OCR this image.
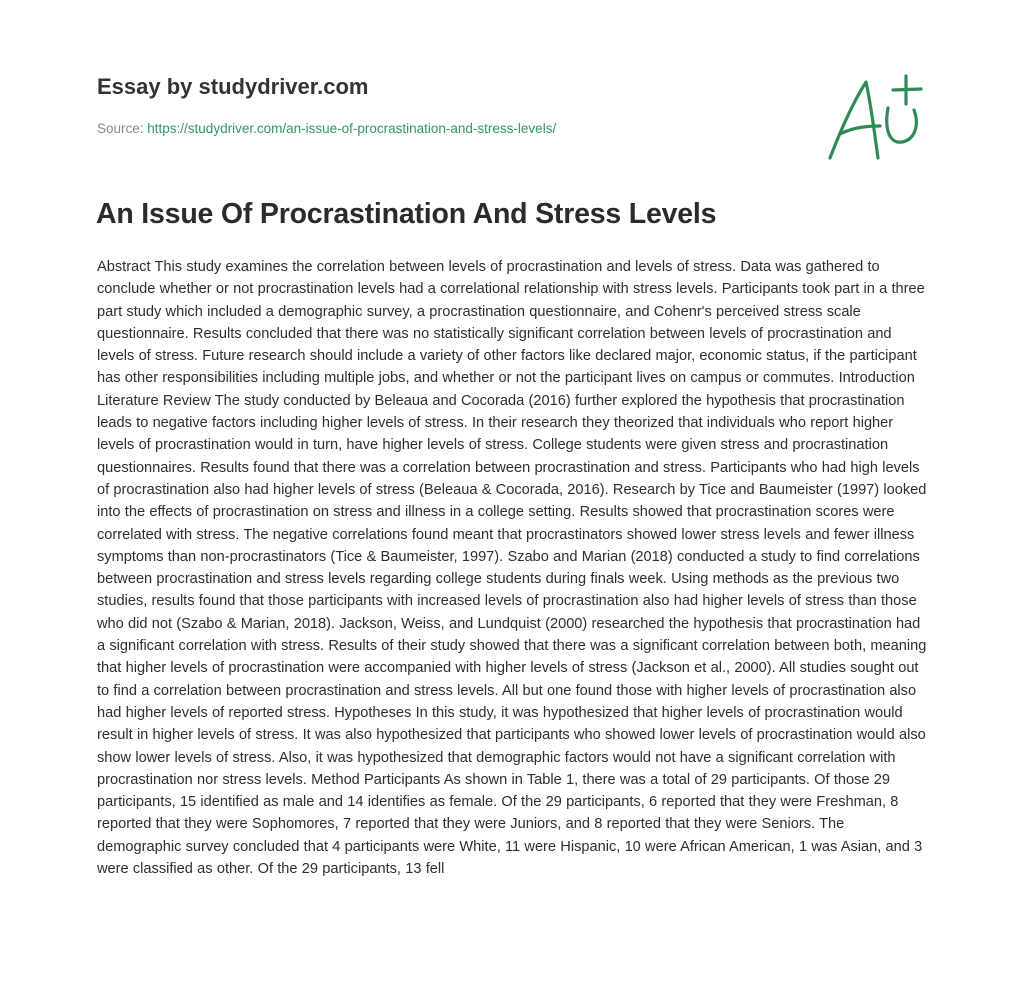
Essay by studydriver.com
Source: https://studydriver.com/an-issue-of-procrastination-and-stress-levels/
An Issue Of Procrastination And Stress Levels

Abstract This study examines the correlation between levels of procrastination and levels of stress. Data was gathered to conclude whether or not procrastination levels had a correlational relationship with stress levels. Participants took part in a three part study which included a demographic survey, a procrastination questionnaire, and Cohenr's perceived stress scale questionnaire. Results concluded that there was no statistically significant correlation between levels of procrastination and levels of stress. Future research should include a variety of other factors like declared major, economic status, if the participant has other responsibilities including multiple jobs, and whether or not the participant lives on campus or commutes. Introduction Literature Review The study conducted by Beleaua and Cocorada (2016) further explored the hypothesis that procrastination leads to negative factors including higher levels of stress. In their research they theorized that individuals who report higher levels of procrastination would in turn, have higher levels of stress. College students were given stress and procrastination questionnaires. Results found that there was a correlation between procrastination and stress. Participants who had high levels of procrastination also had higher levels of stress (Beleaua & Cocorada, 2016). Research by Tice and Baumeister (1997) looked into the effects of procrastination on stress and illness in a college setting. Results showed that procrastination scores were correlated with stress. The negative correlations found meant that procrastinators showed lower stress levels and fewer illness symptoms than non-procrastinators (Tice & Baumeister, 1997). Szabo and Marian (2018) conducted a study to find correlations between procrastination and stress levels regarding college students during finals week. Using methods as the previous two studies, results found that those participants with increased levels of procrastination also had higher levels of stress than those who did not (Szabo & Marian, 2018). Jackson, Weiss, and Lundquist (2000) researched the hypothesis that procrastination had a significant correlation with stress. Results of their study showed that there was a significant correlation between both, meaning that higher levels of procrastination were accompanied with higher levels of stress (Jackson et al., 2000). All studies sought out to find a correlation between procrastination and stress levels. All but one found those with higher levels of procrastination also had higher levels of reported stress. Hypotheses In this study, it was hypothesized that higher levels of procrastination would result in higher levels of stress. It was also hypothesized that participants who showed lower levels of procrastination would also show lower levels of stress. Also, it was hypothesized that demographic factors would not have a significant correlation with procrastination nor stress levels. Method Participants As shown in Table 1, there was a total of 29 participants. Of those 29 participants, 15 identified as male and 14 identifies as female. Of the 29 participants, 6 reported that they were Freshman, 8 reported that they were Sophomores, 7 reported that they were Juniors, and 8 reported that they were Seniors. The demographic survey concluded that 4 participants were White, 11 were Hispanic, 10 were African American, 1 was Asian, and 3 were classified as other. Of the 29 participants, 13 fell
